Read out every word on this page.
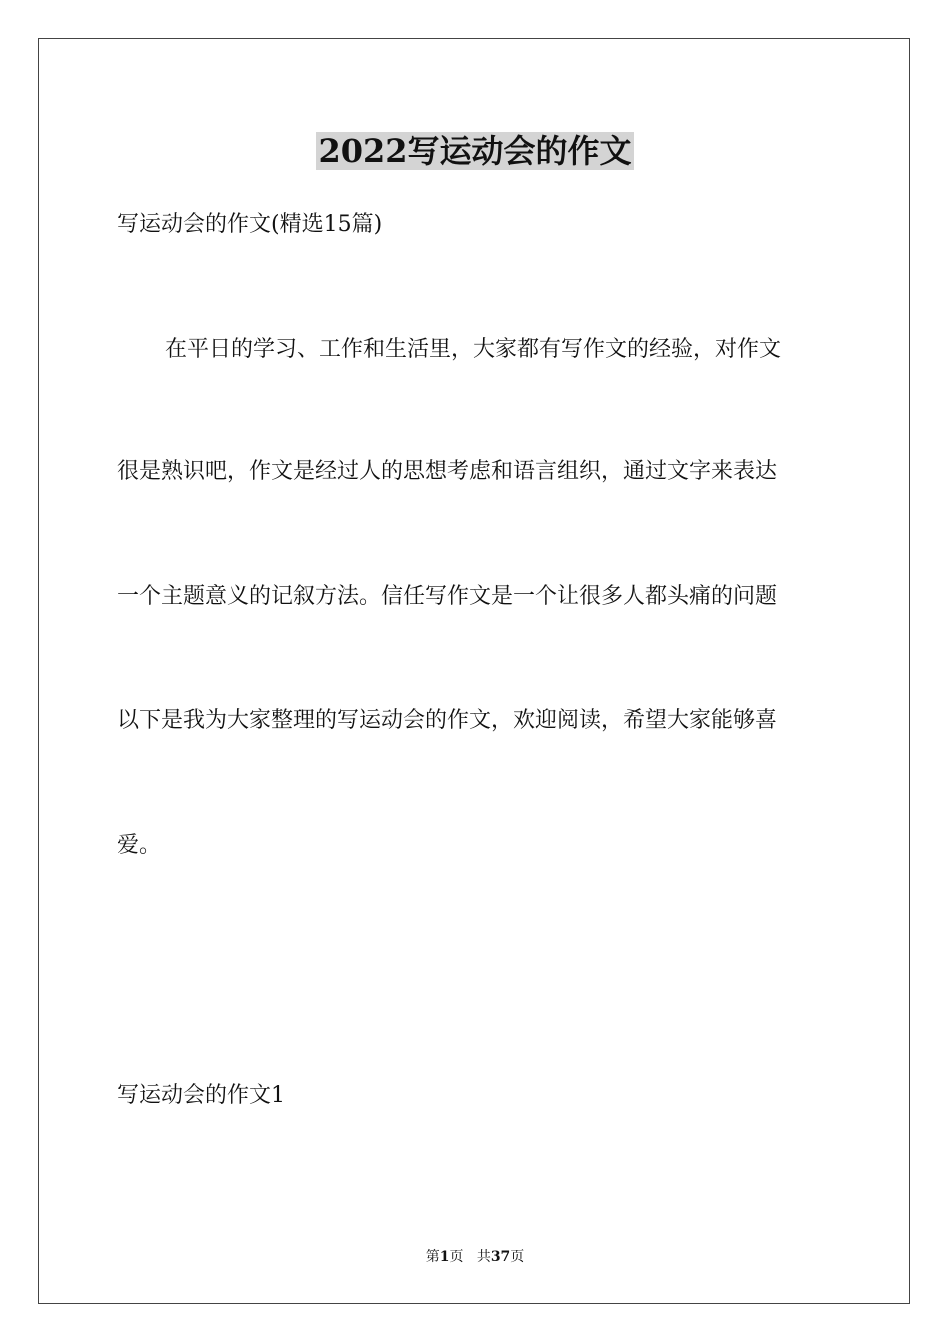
2022写运动会的作文
写运动会的作文(精选15篇)
在平日的学习、工作和生活里，大家都有写作文的经验，对作文
很是熟识吧，作文是经过人的思想考虑和语言组织，通过文字来表达
一个主题意义的记叙方法。信任写作文是一个让很多人都头痛的问题
以下是我为大家整理的写运动会的作文，欢迎阅读，希望大家能够喜
爱。
写运动会的作文1
第1页 共37页
